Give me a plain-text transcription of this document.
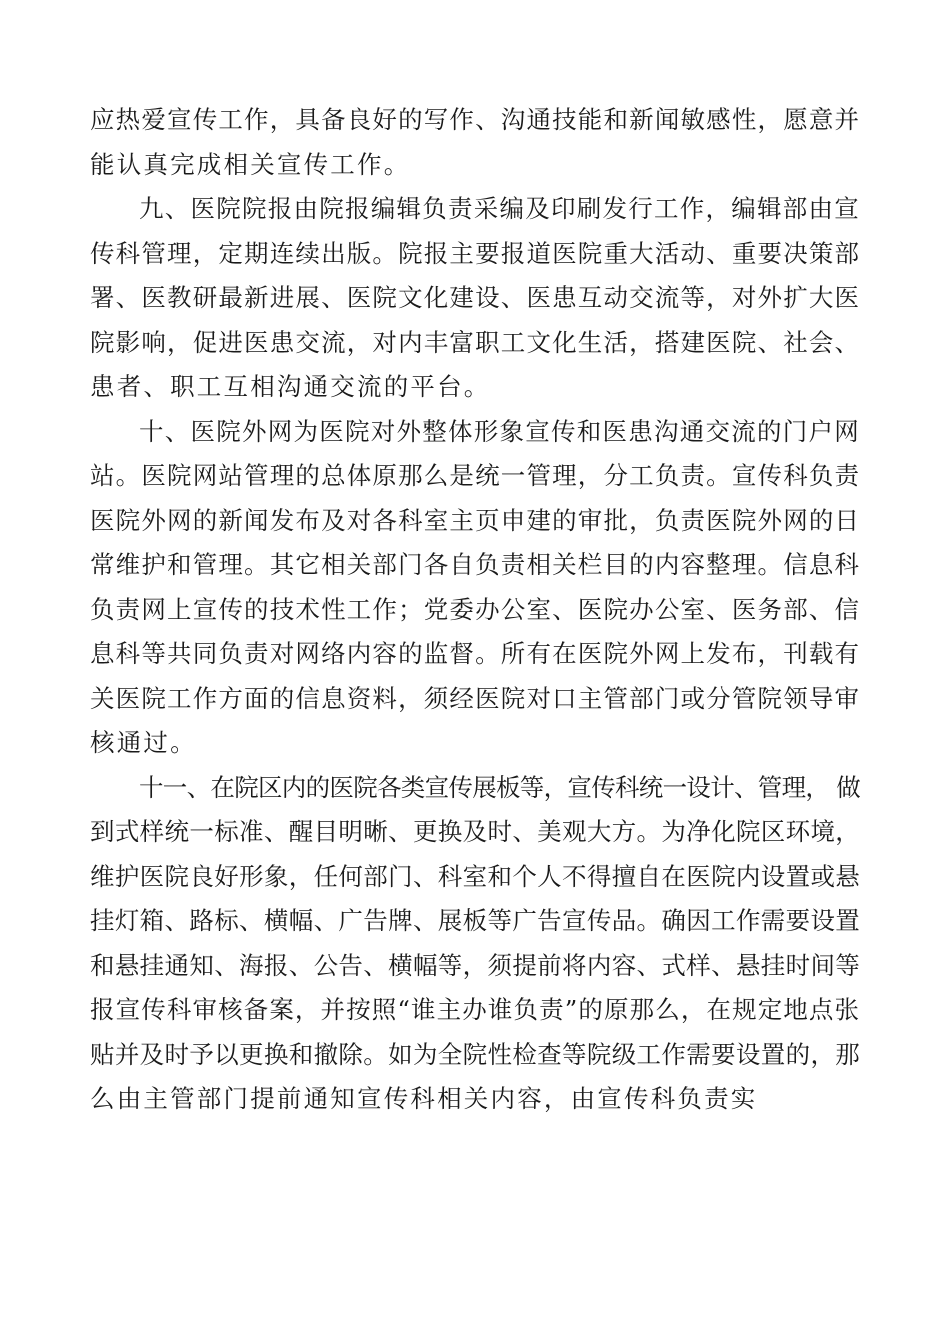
应热爱宣传工作，具备良好的写作、沟通技能和新闻敏感性，愿意并
能认真完成相关宣传工作。
九、医院院报由院报编辑负责采编及印刷发行工作，编辑部由宣
传科管理，定期连续出版。院报主要报道医院重大活动、重要决策部
署、医教研最新进展、医院文化建设、医患互动交流等，对外扩大医
院影响，促进医患交流，对内丰富职工文化生活，搭建医院、社会、
患者、职工互相沟通交流的平台。
十、医院外网为医院对外整体形象宣传和医患沟通交流的门户网
站。医院网站管理的总体原那么是统一管理，分工负责。宣传科负责
医院外网的新闻发布及对各科室主页申建的审批，负责医院外网的日
常维护和管理。其它相关部门各自负责相关栏目的内容整理。信息科
负责网上宣传的技术性工作；党委办公室、医院办公室、医务部、信
息科等共同负责对网络内容的监督。所有在医院外网上发布，刊载有
关医院工作方面的信息资料，须经医院对口主管部门或分管院领导审
核通过。
十一、在院区内的医院各类宣传展板等，宣传科统一设计、管理， 做
到式样统一标准、醒目明晰、更换及时、美观大方。为净化院区环境，
维护医院良好形象，任何部门、科室和个人不得擅自在医院内设置或悬
挂灯箱、路标、横幅、广告牌、展板等广告宣传品。确因工作需要设置
和悬挂通知、海报、公告、横幅等，须提前将内容、式样、悬挂时间等
报宣传科审核备案，并按照“谁主办谁负责”的原那么，在规定地点张
贴并及时予以更换和撤除。如为全院性检查等院级工作需要设置的，那
么由主管部门提前通知宣传科相关内容，由宣传科负责实
